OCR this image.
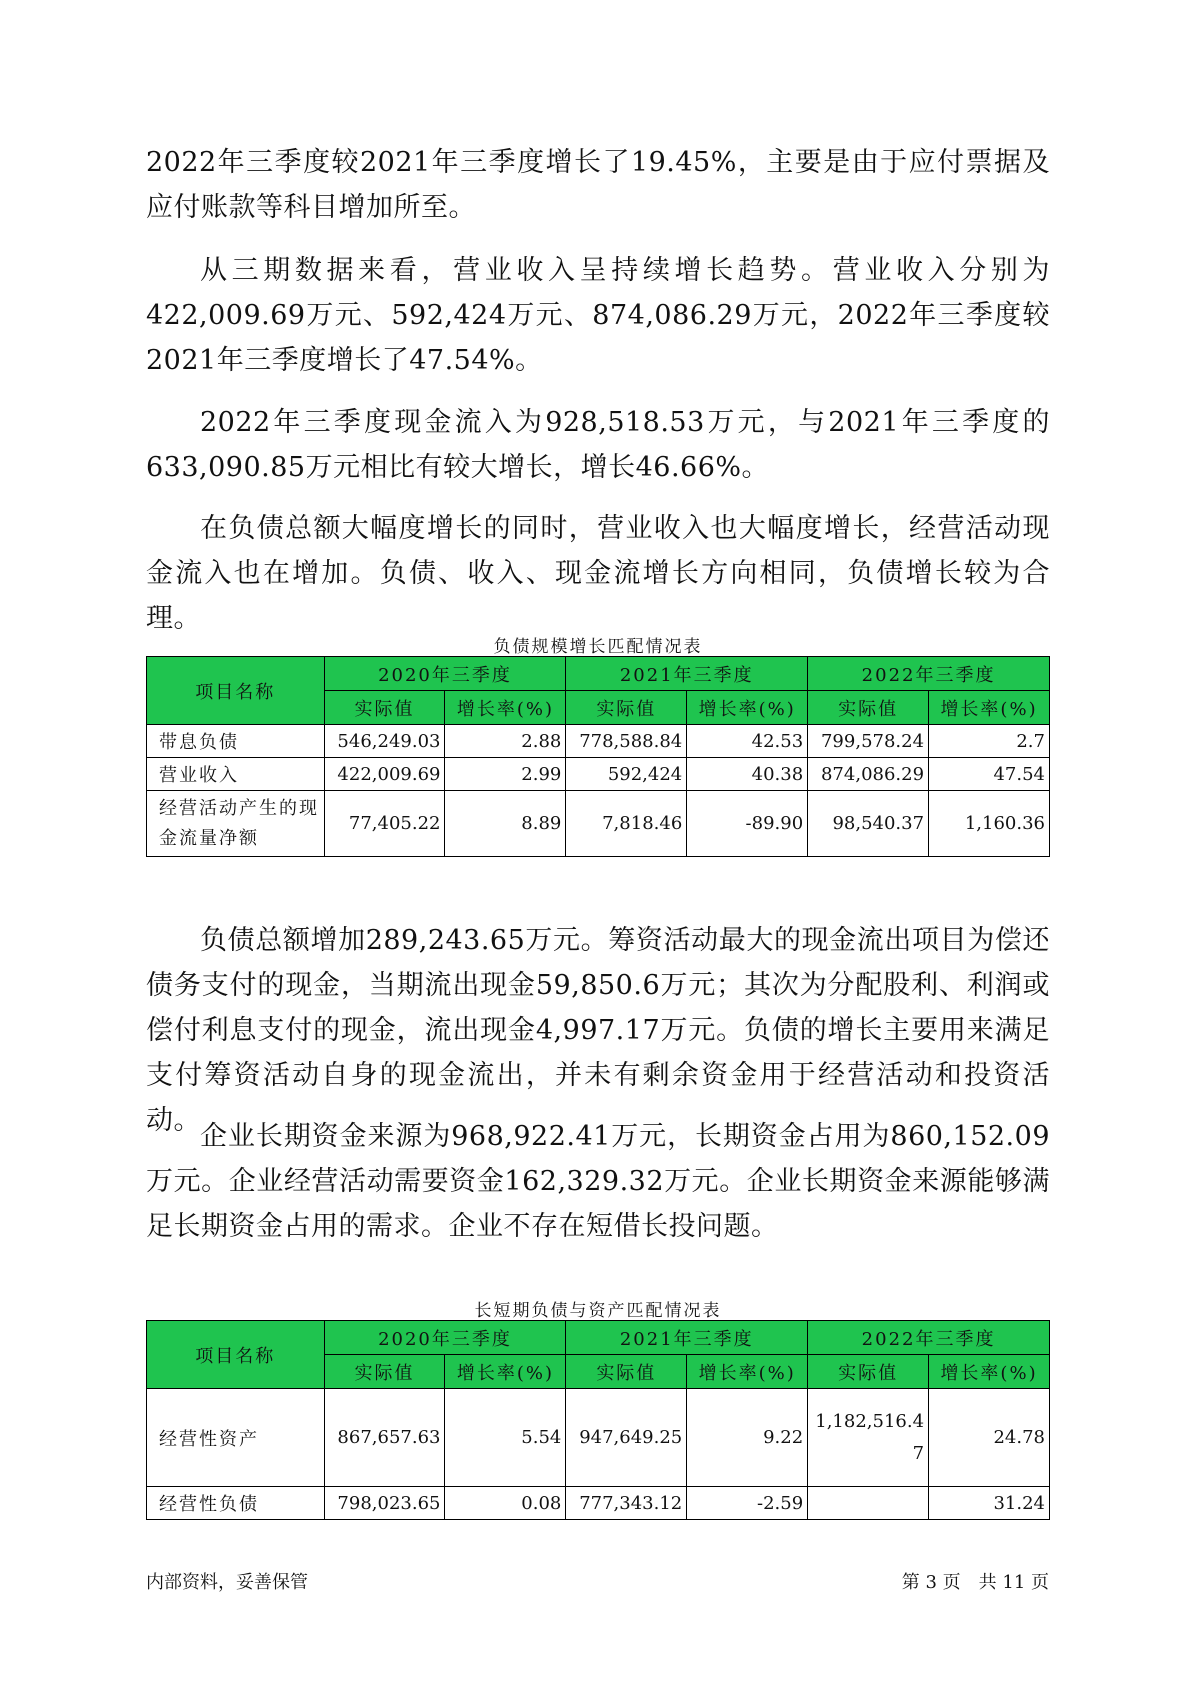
2022年三季度较2021年三季度增长了19.45%，主要是由于应付票据及应付账款等科目增加所至。

从三期数据来看，营业收入呈持续增长趋势。营业收入分别为422,009.69万元、592,424万元、874,086.29万元，2022年三季度较2021年三季度增长了47.54%。

2022年三季度现金流入为928,518.53万元，与2021年三季度的633,090.85万元相比有较大增长，增长46.66%。

在负债总额大幅度增长的同时，营业收入也大幅度增长，经营活动现金流入也在增加。负债、收入、现金流增长方向相同，负债增长较为合理。

负债规模增长匹配情况表
项目名称	2020年三季度		2021年三季度		2022年三季度	
	实际值	增长率(%)	实际值	增长率(%)	实际值	增长率(%)
带息负债	546,249.03	2.88	778,588.84	42.53	799,578.24	2.7
营业收入	422,009.69	2.99	592,424	40.38	874,086.29	47.54
经营活动产生的现金流量净额	77,405.22	8.89	7,818.46	-89.90	98,540.37	1,160.36

负债总额增加289,243.65万元。筹资活动最大的现金流出项目为偿还债务支付的现金，当期流出现金59,850.6万元；其次为分配股利、利润或偿付利息支付的现金，流出现金4,997.17万元。负债的增长主要用来满足支付筹资活动自身的现金流出，并未有剩余资金用于经营活动和投资活动。

企业长期资金来源为968,922.41万元，长期资金占用为860,152.09万元。企业经营活动需要资金162,329.32万元。企业长期资金来源能够满足长期资金占用的需求。企业不存在短借长投问题。

长短期负债与资产匹配情况表
项目名称	2020年三季度		2021年三季度		2022年三季度	
	实际值	增长率(%)	实际值	增长率(%)	实际值	增长率(%)
经营性资产	867,657.63	5.54	947,649.25	9.22	1,182,516.47	24.78
经营性负债	798,023.65	0.08	777,343.12	-2.59		31.24
内部资料，妥善保管	第 3 页　共 11 页
